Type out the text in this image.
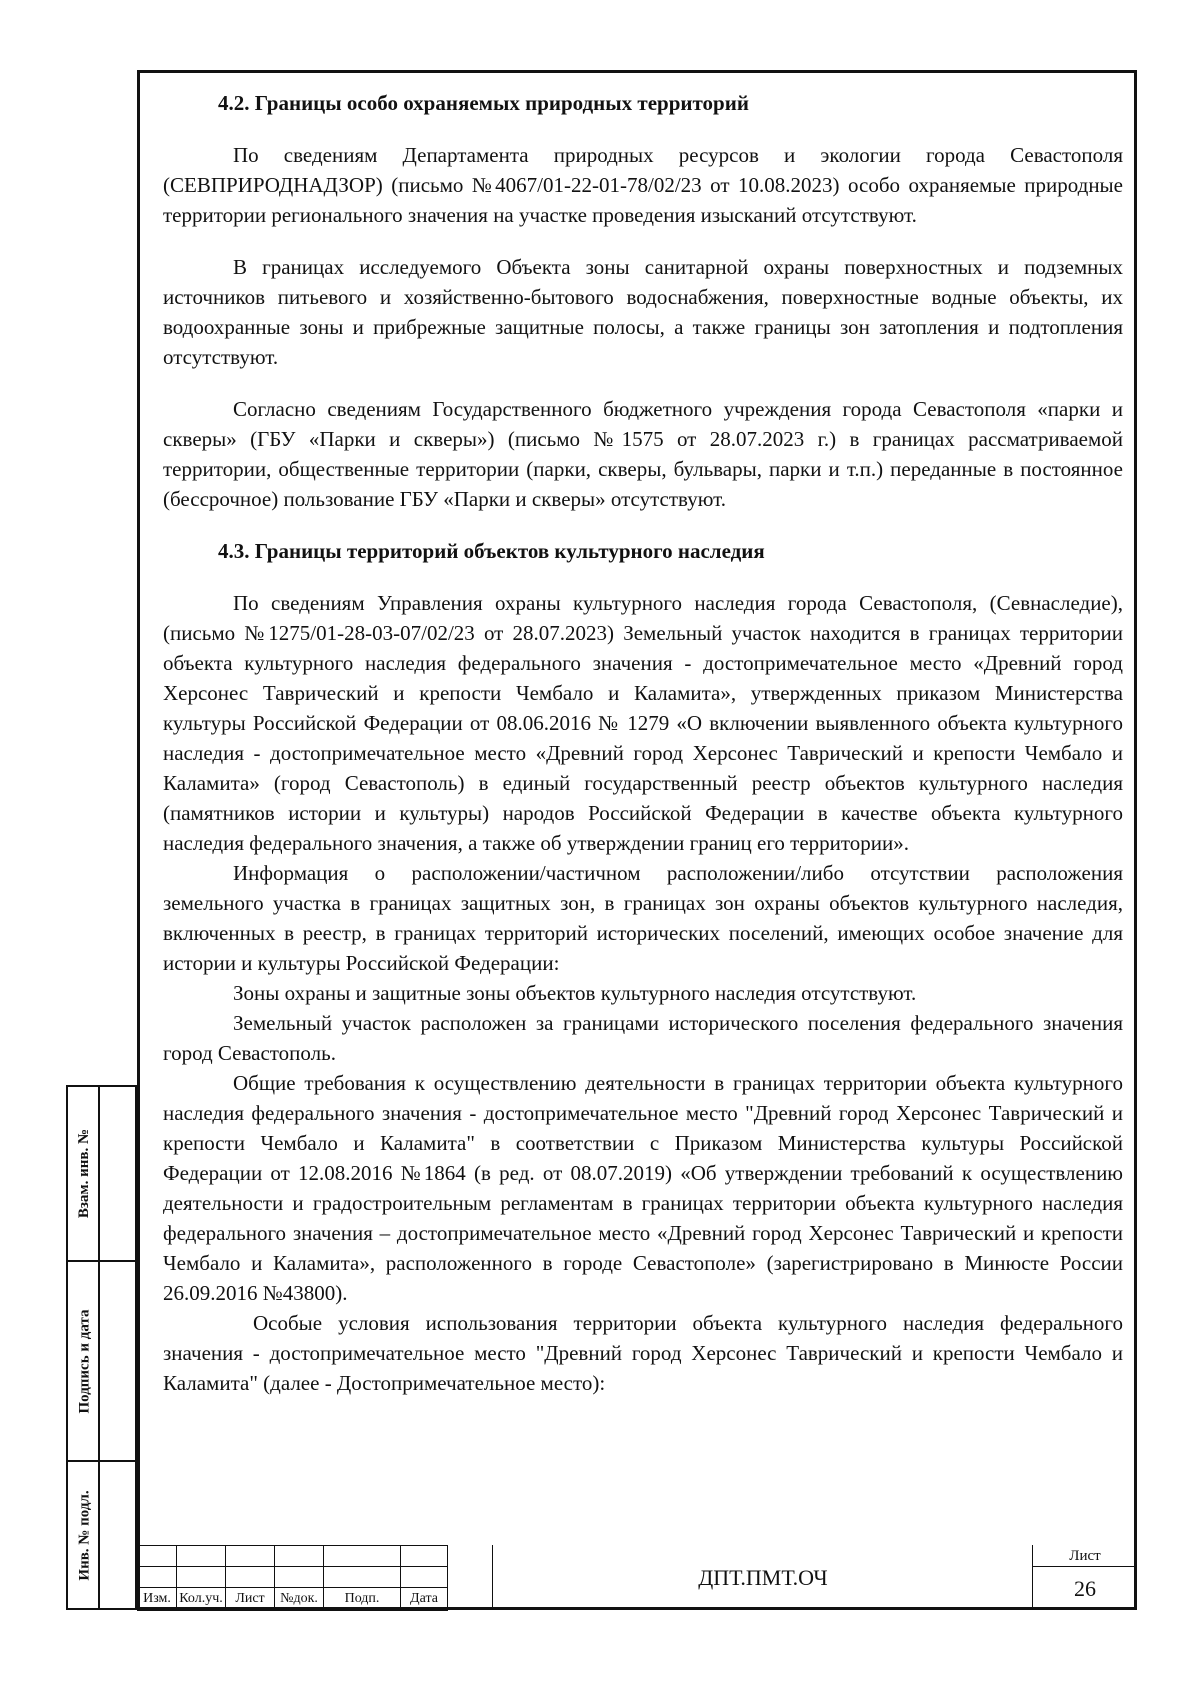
Взам. инв. №
Подпись и дата
Инв. № подл.
4.2. Границы особо охраняемых природных территорий

По сведениям Департамента природных ресурсов и экологии города Севастополя (СЕВПРИРОДНАДЗОР) (письмо №4067/01-22-01-78/02/23 от 10.08.2023) особо охраняемые природные территории регионального значения на участке проведения изысканий отсутствуют.

В границах исследуемого Объекта зоны санитарной охраны поверхностных и подземных источников питьевого и хозяйственно-бытового водоснабжения, поверхностные водные объекты, их водоохранные зоны и прибрежные защитные полосы, а также границы зон затопления и подтопления отсутствуют.

Согласно сведениям Государственного бюджетного учреждения города Севастополя «парки и скверы» (ГБУ «Парки и скверы») (письмо №1575 от 28.07.2023 г.) в границах рассматриваемой территории, общественные территории (парки, скверы, бульвары, парки и т.п.) переданные в постоянное (бессрочное) пользование ГБУ «Парки и скверы» отсутствуют.

4.3. Границы территорий объектов культурного наследия

По сведениям Управления охраны культурного наследия города Севастополя, (Севнаследие), (письмо №1275/01-28-03-07/02/23 от 28.07.2023) Земельный участок находится в границах территории объекта культурного наследия федерального значения - достопримечательное место «Древний город Херсонес Таврический и крепости Чембало и Каламита», утвержденных приказом Министерства культуры Российской Федерации от 08.06.2016 № 1279 «О включении выявленного объекта культурного наследия - достопримечательное место «Древний город Херсонес Таврический и крепости Чембало и Каламита» (город Севастополь) в единый государственный реестр объектов культурного наследия (памятников истории и культуры) народов Российской Федерации в качестве объекта культурного наследия федерального значения, а также об утверждении границ его территории».

Информация о расположении/частичном расположении/либо отсутствии расположения земельного участка в границах защитных зон, в границах зон охраны объектов культурного наследия, включенных в реестр, в границах территорий исторических поселений, имеющих особое значение для истории и культуры Российской Федерации:

Зоны охраны и защитные зоны объектов культурного наследия отсутствуют.

Земельный участок расположен за границами исторического поселения федерального значения город Севастополь.

Общие требования к осуществлению деятельности в границах территории объекта культурного наследия федерального значения - достопримечательное место "Древний город Херсонес Таврический и крепости Чембало и Каламита" в соответствии с Приказом Министерства культуры Российской Федерации от 12.08.2016 №1864 (в ред. от 08.07.2019) «Об утверждении требований к осуществлению деятельности и градостроительным регламентам в границах территории объекта культурного наследия федерального значения – достопримечательное место «Древний город Херсонес Таврический и крепости Чембало и Каламита», расположенного в городе Севастополе» (зарегистрировано в Минюсте России 26.09.2016 №43800).

Особые условия использования территории объекта культурного наследия федерального значения - достопримечательное место "Древний город Херсонес Таврический и крепости Чембало и Каламита" (далее - Достопримечательное место):

Изм.	Кол.уч.	Лист	№док.	Подп.	Дата
ДПТ.ПМТ.ОЧ
Лист
26
